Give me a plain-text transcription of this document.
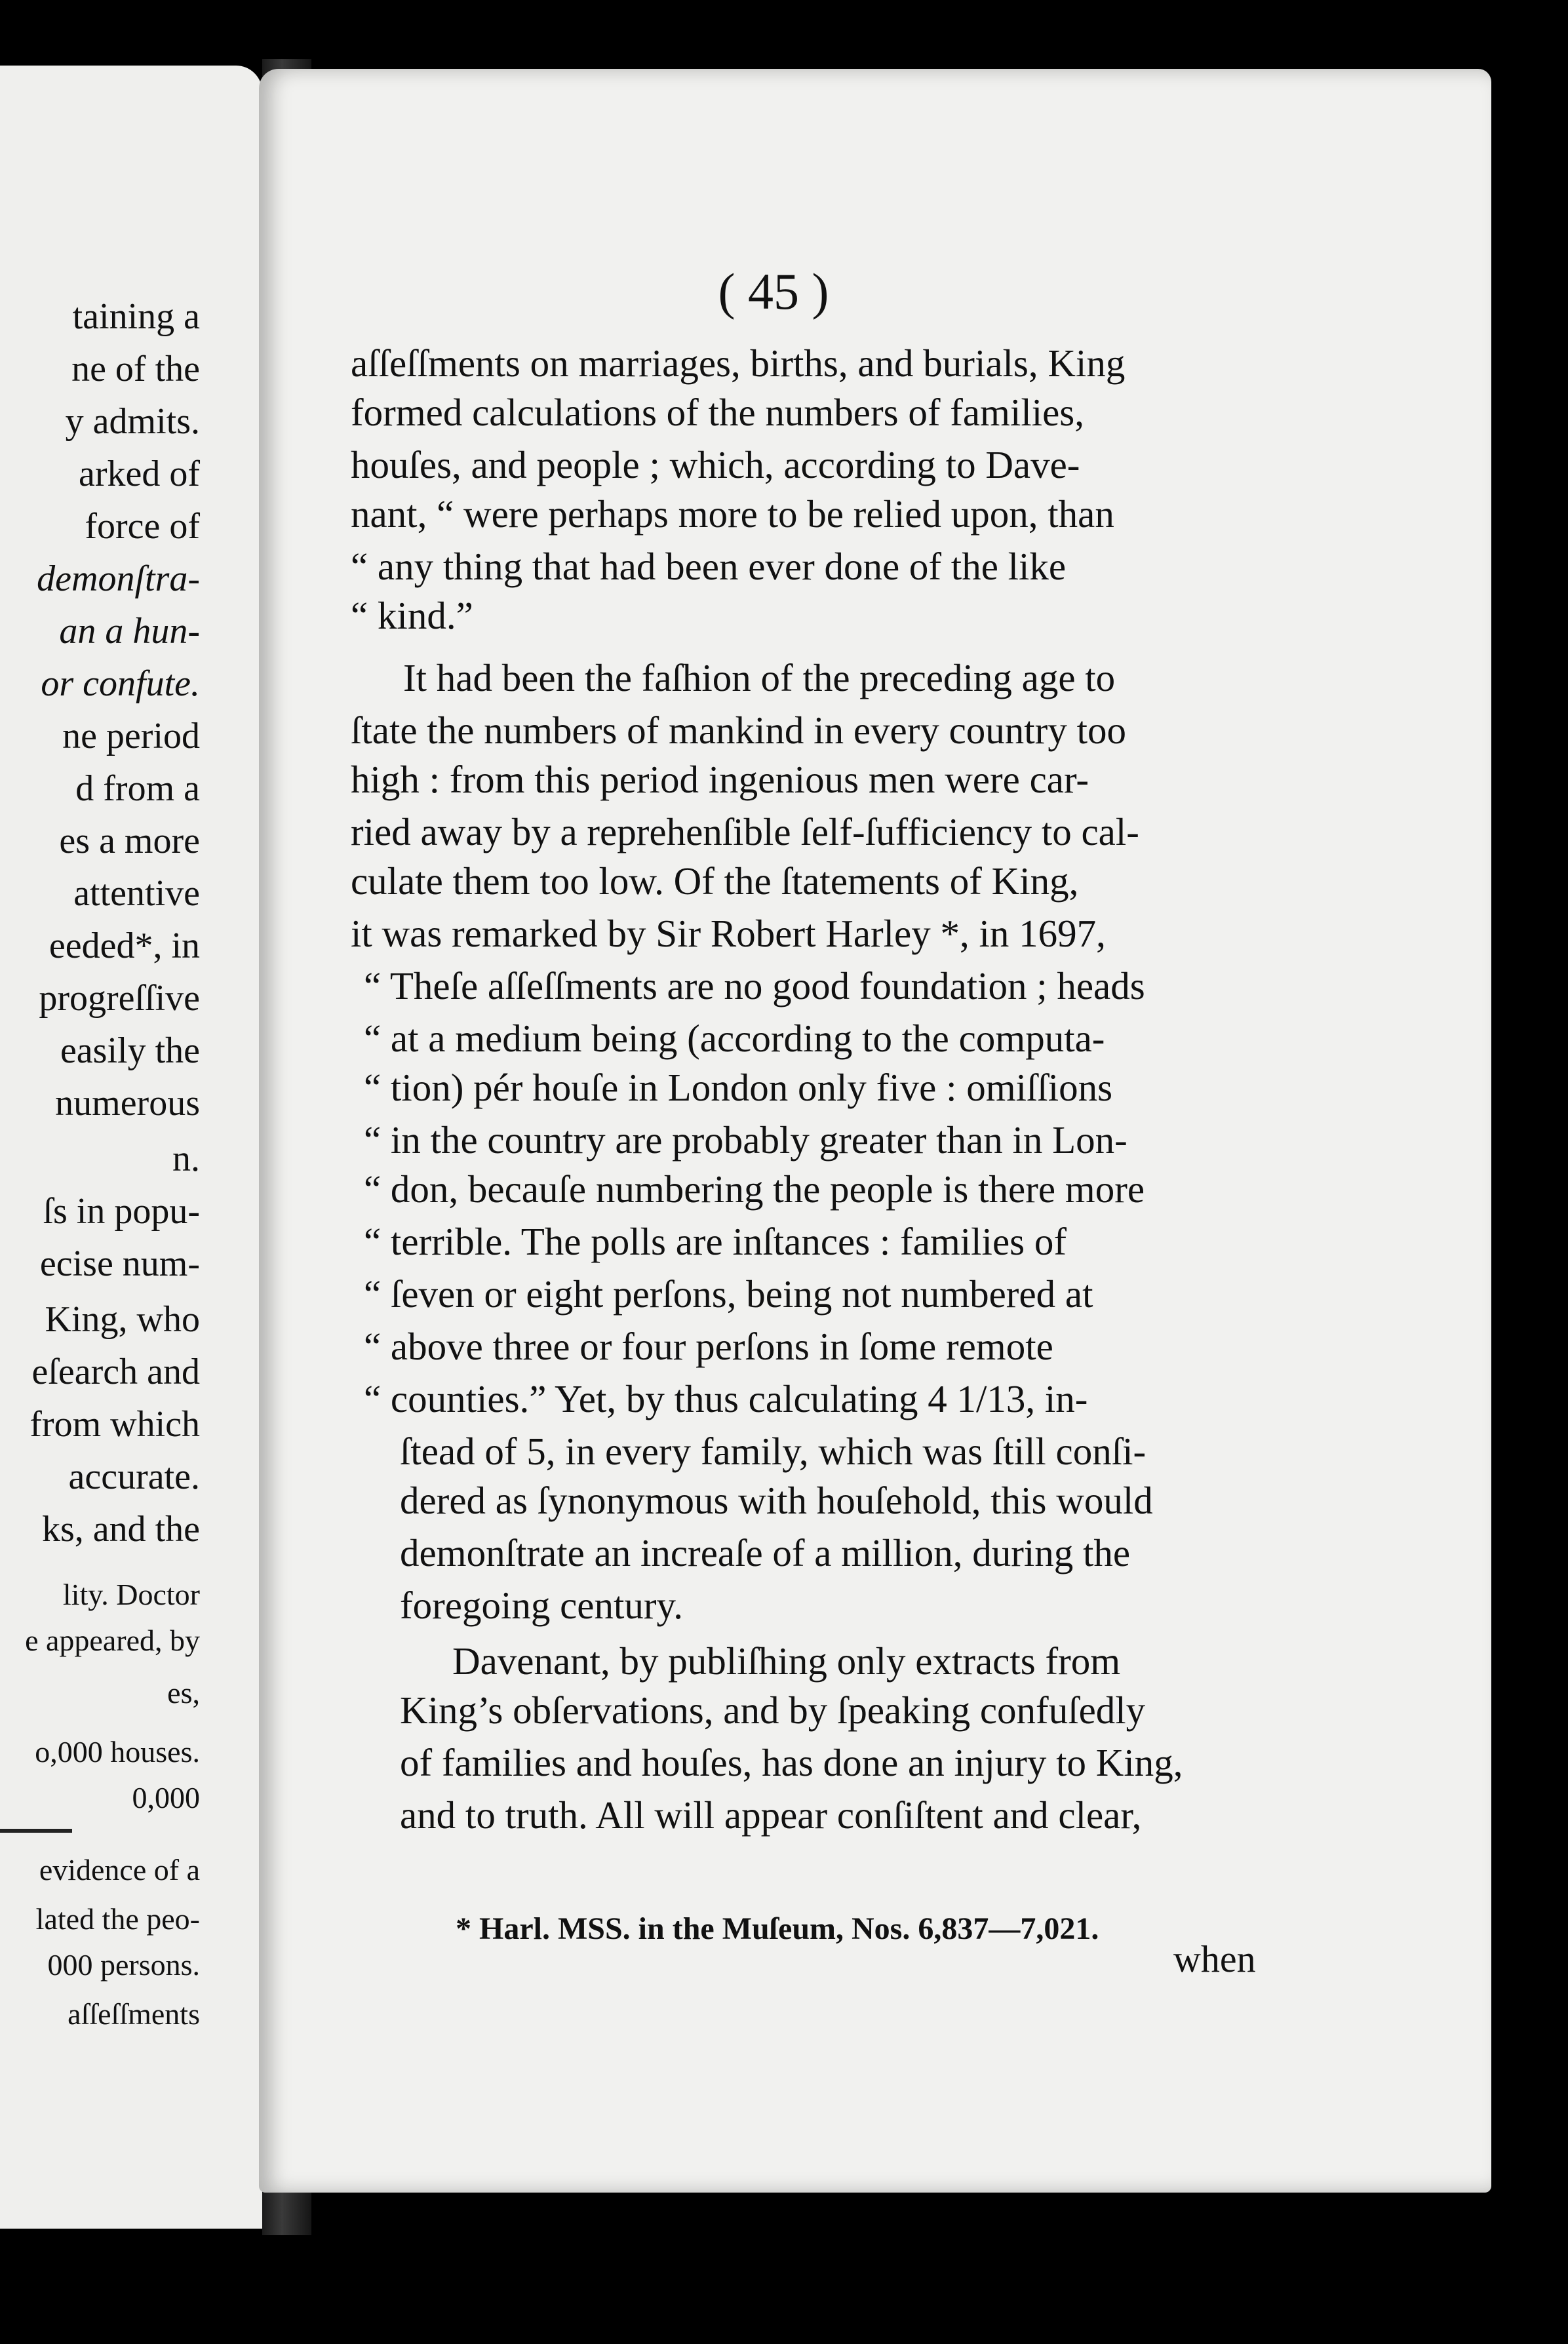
taining a
ne of the
y admits.
arked of
force of
demonſtra-
an a hun-
or confute.
ne period
d from a
es a more
attentive
eeded*, in
progreſſive
easily the
numerous
n.
ſs in popu-
ecise num-
King, who
eſearch and
from which
accurate.
ks, and the
lity. Doctor
e appeared, by
es,
o,000 houses.
0,000
evidence of a
lated the peo-
000 persons.
aſſeſſments
( 45 )
aſſeſſments on marriages, births, and burials, King
formed calculations of the numbers of families,
houſes, and people ; which, according to Dave-
nant, “ were perhaps more to be relied upon, than
“ any thing that had been ever done of the like
“ kind.”
It had been the faſhion of the preceding age to
ſtate the numbers of mankind in every country too
high : from this period ingenious men were car-
ried away by a reprehenſible ſelf-ſufficiency to cal-
culate them too low. Of the ſtatements of King,
it was remarked by Sir Robert Harley *, in 1697,
“ Theſe aſſeſſments are no good foundation ; heads
“ at a medium being (according to the computa-
“ tion) pér houſe in London only five : omiſſions
“ in the country are probably greater than in Lon-
“ don, becauſe numbering the people is there more
“ terrible. The polls are inſtances : families of
“ ſeven or eight perſons, being not numbered at
“ above three or four perſons in ſome remote
“ counties.” Yet, by thus calculating 4 1/13, in-
ſtead of 5, in every family, which was ſtill conſi-
dered as ſynonymous with houſehold, this would
demonſtrate an increaſe of a million, during the
foregoing century.
Davenant, by publiſhing only extracts from
King’s obſervations, and by ſpeaking confuſedly
of families and houſes, has done an injury to King,
and to truth. All will appear conſiſtent and clear,
* Harl. MSS. in the Muſeum, Nos. 6,837—7,021.
when
